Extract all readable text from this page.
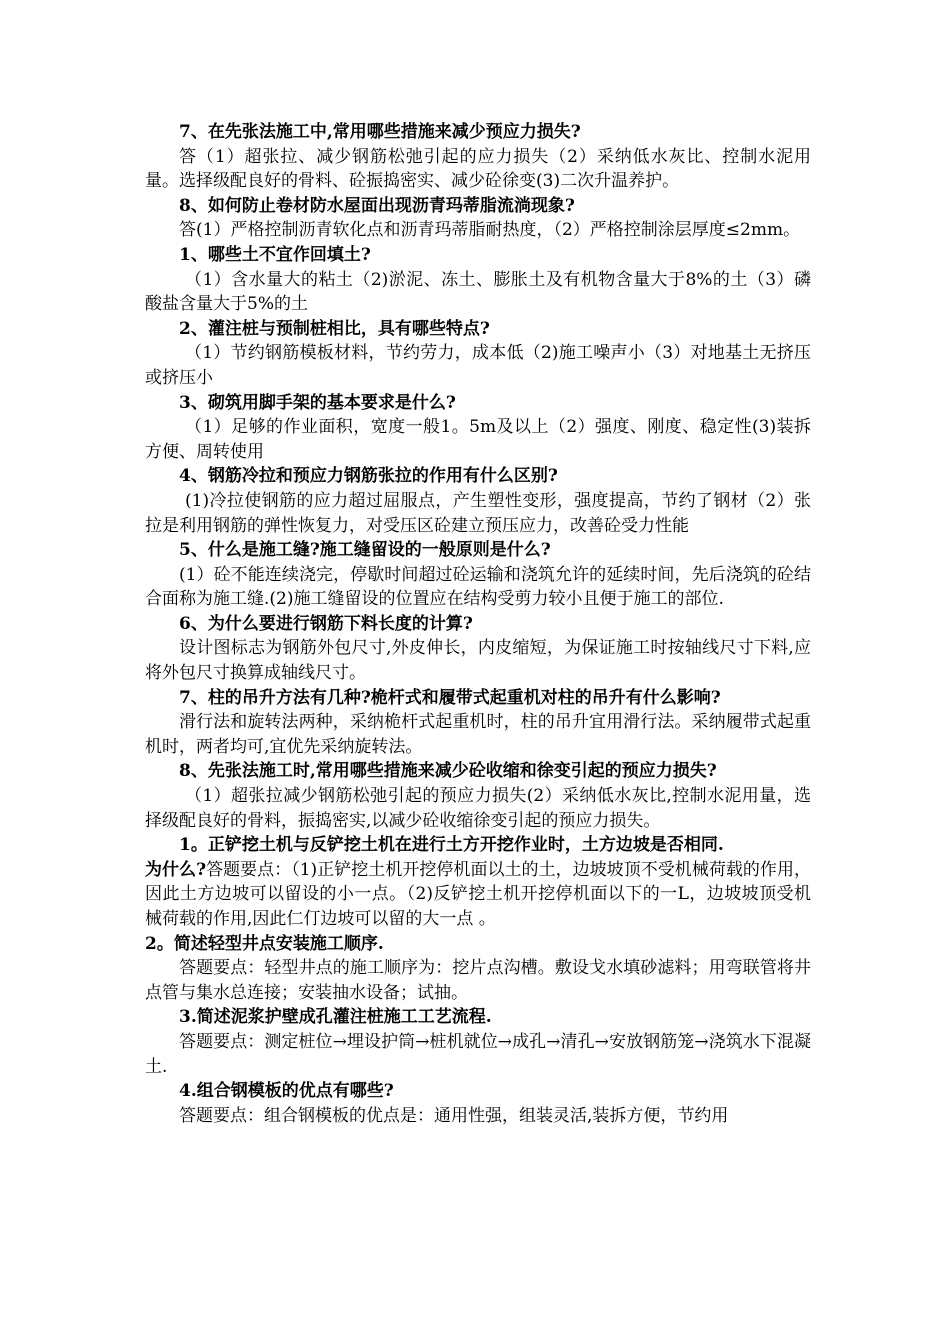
7、在先张法施工中,常用哪些措施来减少预应力损失?

答（1）超张拉、减少钢筋松弛引起的应力损失（2）采纳低水灰比、控制水泥用量。选择级配良好的骨料、砼振捣密实、减少砼徐变(3)二次升温养护。

8、如何防止卷材防水屋面出现沥青玛蒂脂流淌现象?

答(1）严格控制沥青软化点和沥青玛蒂脂耐热度，（2）严格控制涂层厚度≤2mm。

1、哪些土不宜作回填土?

（1）含水量大的粘土（2)淤泥、冻土、膨胀土及有机物含量大于8%的土（3）磷酸盐含量大于5%的土

2、灌注桩与预制桩相比，具有哪些特点?

（1）节约钢筋模板材料，节约劳力，成本低（2)施工噪声小（3）对地基土无挤压或挤压小

3、砌筑用脚手架的基本要求是什么?

（1）足够的作业面积，宽度一般1。5m及以上（2）强度、刚度、稳定性(3)装拆方便、周转使用

4、钢筋冷拉和预应力钢筋张拉的作用有什么区别?

(1)冷拉使钢筋的应力超过屈服点，产生塑性变形，强度提高，节约了钢材（2）张拉是利用钢筋的弹性恢复力，对受压区砼建立预压应力，改善砼受力性能

5、什么是施工缝?施工缝留设的一般原则是什么?

(1）砼不能连续浇完，停歇时间超过砼运输和浇筑允许的延续时间，先后浇筑的砼结合面称为施工缝.(2)施工缝留设的位置应在结构受剪力较小且便于施工的部位.

6、为什么要进行钢筋下料长度的计算?

设计图标志为钢筋外包尺寸,外皮伸长，内皮缩短，为保证施工时按轴线尺寸下料,应将外包尺寸换算成轴线尺寸。

7、柱的吊升方法有几种?桅杆式和履带式起重机对柱的吊升有什么影响?

滑行法和旋转法两种，采纳桅杆式起重机时，柱的吊升宜用滑行法。采纳履带式起重机时，两者均可,宜优先采纳旋转法。

8、先张法施工时,常用哪些措施来减少砼收缩和徐变引起的预应力损失?

（1）超张拉减少钢筋松弛引起的预应力损失(2）采纳低水灰比,控制水泥用量，选择级配良好的骨料，振捣密实,以减少砼收缩徐变引起的预应力损失。

1。正铲挖土机与反铲挖土机在进行土方开挖作业时，土方边坡是否相同.

为什么?答题要点：（1)正铲挖土机开挖停机面以土的土，边坡坡顶不受机械荷载的作用，因此土方边坡可以留设的小一点。（2)反铲挖土机开挖停机面以下的一L，边坡坡顶受机械荷载的作用,因此仁仃边坡可以留的大一点 。

2。简述轻型井点安装施工顺序.

答题要点：轻型井点的施工顺序为：挖片点沟槽。敷设戈水填砂滤料；用弯联管将井点管与集水总连接；安装抽水设备；试抽。

3.简述泥浆护壁成孔灌注桩施工工艺流程.

答题要点：测定桩位→埋设护筒→桩机就位→成孔→清孔→安放钢筋笼→浇筑水下混凝土.

4.组合钢模板的优点有哪些?

答题要点：组合钢模板的优点是：通用性强，组装灵活,装拆方便，节约用
